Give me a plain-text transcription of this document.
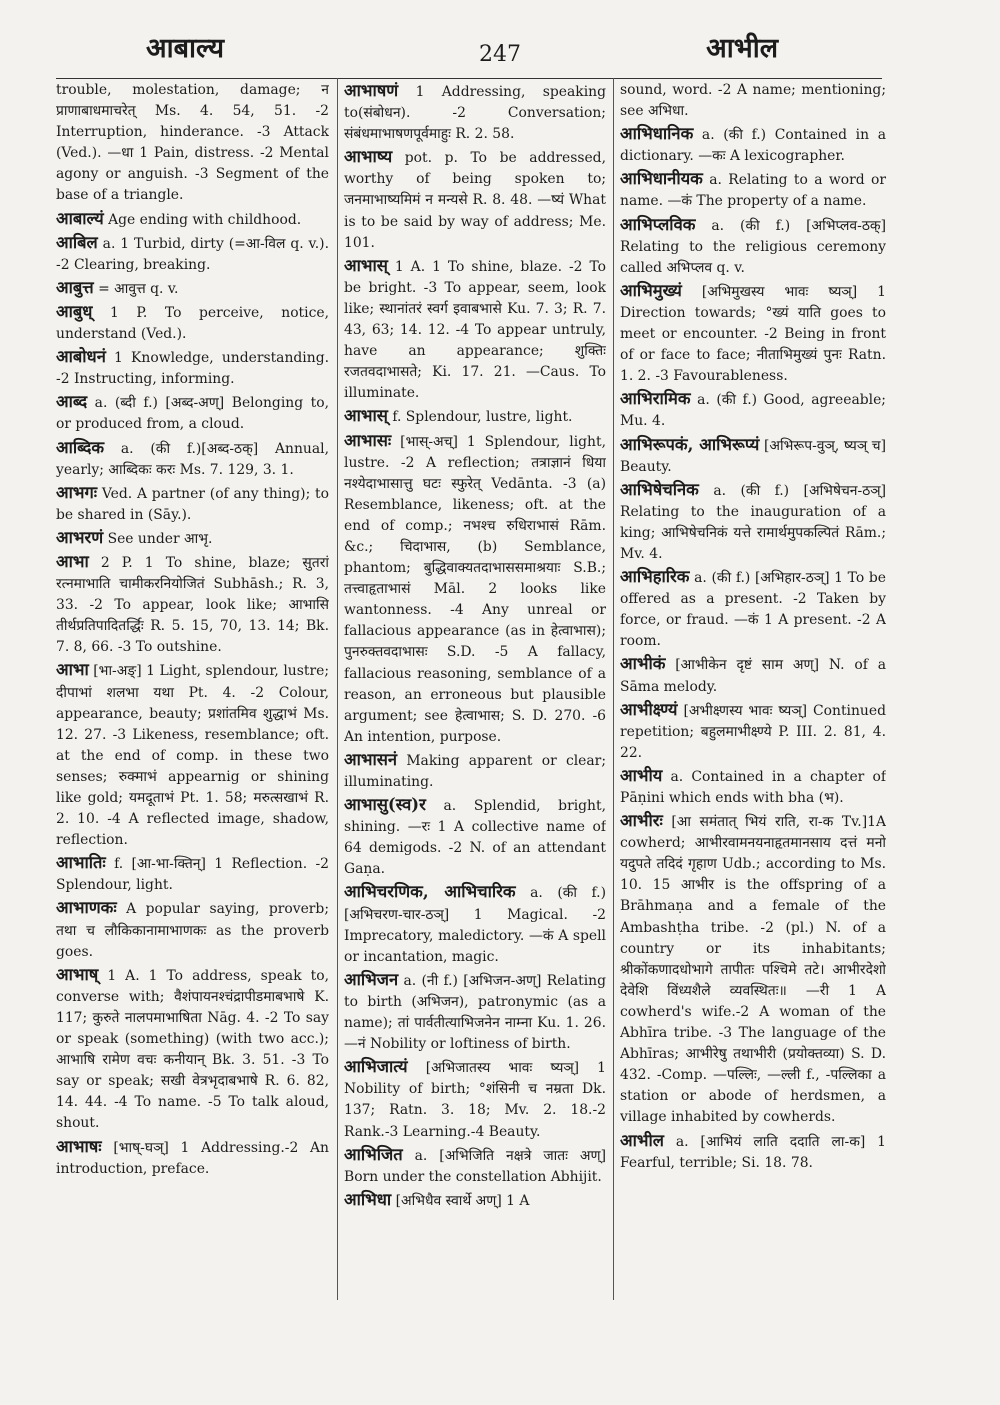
आबाल्य	247	आभील

trouble, molestation, damage; न प्राणाबाधमाचरेत् Ms. 4. 54, 51. -2 Interruption, hinderance. -3 Attack (Ved.). —धा 1 Pain, distress. -2 Mental agony or anguish. -3 Segment of the base of a triangle.

आबाल्यं Age ending with childhood.

आबिल a. 1 Turbid, dirty (=आ-विल q. v.). -2 Clearing, breaking.

आबुत्त = आवुत्त q. v.

आबुध् 1 P. To perceive, notice, understand (Ved.).

आबोधनं 1 Knowledge, understanding. -2 Instructing, informing.

आब्द a. (ब्दी f.) [अब्द-अण्] Belonging to, or produced from, a cloud.

आब्दिक a. (की f.)[अब्द-ठक्] Annual, yearly; आब्दिकः करः Ms. 7. 129, 3. 1.

आभगः Ved. A partner (of any thing); to be shared in (Sāy.).

आभरणं See under आभृ.

आभा 2 P. 1 To shine, blaze; सुतरां रत्नमाभाति चामीकरनियोजितं Subhāsh.; R. 3, 33. -2 To appear, look like; आभासि तीर्थप्रतिपादितर्द्धिः R. 5. 15, 70, 13. 14; Bk. 7. 8, 66. -3 To outshine.

आभा [भा-अङ्] 1 Light, splendour, lustre; दीपाभां शलभा यथा Pt. 4. -2 Colour, appearance, beauty; प्रशांतमिव शुद्धाभं Ms. 12. 27. -3 Likeness, resemblance; oft. at the end of comp. in these two senses; रुक्माभं appearnig or shining like gold; यमदूताभं Pt. 1. 58; मरुत्सखाभं R. 2. 10. -4 A reflected image, shadow, reflection.

आभातिः f. [आ-भा-क्तिन्] 1 Reflection. -2 Splendour, light.

आभाणकः A popular saying, proverb; तथा च लौकिकानामाभाणकः as the proverb goes.

आभाष् 1 A. 1 To address, speak to, converse with; वैशंपायनश्चंद्रापीडमाबभाषे K. 117; कुरुते नालपमाभाषिता Nāg. 4. -2 To say or speak (something) (with two acc.); आभाषि रामेण वचः कनीयान् Bk. 3. 51. -3 To say or speak; सखी वेत्रभृदाबभाषे R. 6. 82, 14. 44. -4 To name. -5 To talk aloud, shout.

आभाषः [भाष्-घञ्] 1 Addressing.-2 An introduction, preface.

आभाषणं 1 Addressing, speaking to(संबोधन). -2 Conversation; संबंधमाभाषणपूर्वमाहुः R. 2. 58.

आभाष्य pot. p. To be addressed, worthy of being spoken to; जनमाभाष्यमिमं न मन्यसे R. 8. 48. —ष्यं What is to be said by way of address; Me. 101.

आभास् 1 A. 1 To shine, blaze. -2 To be bright. -3 To appear, seem, look like; स्थानांतरं स्वर्ग इवाबभासे Ku. 7. 3; R. 7. 43, 63; 14. 12. -4 To appear untruly, have an appearance; शुक्तिः रजतवदाभासते; Ki. 17. 21. —Caus. To illuminate.

आभास् f. Splendour, lustre, light.

आभासः [भास्-अच्] 1 Splendour, light, lustre. -2 A reflection; तत्राज्ञानं धिया नश्येदाभासात्तु घटः स्फुरेत् Vedānta. -3 (a) Resemblance, likeness; oft. at the end of comp.; नभश्च रुधिराभासं Rām. &c.; चिदाभास, (b) Semblance, phantom; बुद्धिवाक्यतदाभाससमाश्रयाः S.B.; तत्त्वाहृताभासं Māl. 2 looks like wantonness. -4 Any unreal or fallacious appearance (as in हेत्वाभास); पुनरुक्तवदाभासः S.D. -5 A fallacy, fallacious reasoning, semblance of a reason, an erroneous but plausible argument; see हेत्वाभास; S. D. 270. -6 An intention, purpose.

आभासनं Making apparent or clear; illuminating.

आभासु(स्व)र a. Splendid, bright, shining. —रः 1 A collective name of 64 demigods. -2 N. of an attendant Gaṇa.

आभिचरणिक, आभिचारिक a. (की f.) [अभिचरण-चार-ठञ्] 1 Magical. -2 Imprecatory, maledictory. —कं A spell or incantation, magic.

आभिजन a. (नी f.) [अभिजन-अण्] Relating to birth (अभिजन), patronymic (as a name); तां पार्वतीत्याभिजनेन नाम्ना Ku. 1. 26. —नं Nobility or loftiness of birth.

आभिजात्यं [अभिजातस्य भावः ष्यञ्] 1 Nobility of birth; °शंसिनी च नम्रता Dk. 137; Ratn. 3. 18; Mv. 2. 18.-2 Rank.-3 Learning.-4 Beauty.

आभिजित a. [अभिजिति नक्षत्रे जातः अण्] Born under the constellation Abhijit.

आभिधा [अभिधैव स्वार्थे अण्] 1 A

sound, word. -2 A name; mentioning; see अभिधा.

आभिधानिक a. (की f.) Contained in a dictionary. —कः A lexicographer.

आभिधानीयक a. Relating to a word or name. —कं The property of a name.

आभिप्लविक a. (की f.) [अभिप्लव-ठक्] Relating to the religious ceremony called अभिप्लव q. v.

आभिमुख्यं [अभिमुखस्य भावः ष्यञ्] 1 Direction towards; °ख्यं याति goes to meet or encounter. -2 Being in front of or face to face; नीताभिमुख्यं पुनः Ratn. 1. 2. -3 Favourableness.

आभिरामिक a. (की f.) Good, agreeable; Mu. 4.

आभिरूपकं, आभिरूप्यं [अभिरूप-वुञ्, ष्यञ् च] Beauty.

आभिषेचनिक a. (की f.) [अभिषेचन-ठञ्] Relating to the inauguration of a king; आभिषेचनिकं यत्ते रामार्थमुपकल्पितं Rām.; Mv. 4.

आभिहारिक a. (की f.) [अभिहार-ठञ्] 1 To be offered as a present. -2 Taken by force, or fraud. —कं 1 A present. -2 A room.

आभीकं [आभीकेन दृष्टं साम अण्] N. of a Sāma melody.

आभीक्ष्ण्यं [अभीक्ष्णस्य भावः ष्यञ्] Continued repetition; बहुलमाभीक्ष्ण्ये P. III. 2. 81, 4. 22.

आभीय a. Contained in a chapter of Pāṇini which ends with bha (भ).

आभीरः [आ समंतात् भियं राति, रा-क Tv.]1A cowherd; आभीरवामनयनाहृतमानसाय दत्तं मनो यदुपते तदिदं गृहाण Udb.; according to Ms. 10. 15 आभीर is the offspring of a Brāhmaṇa and a female of the Ambashṭha tribe. -2 (pl.) N. of a country or its inhabitants; श्रीकोंकणादधोभागे तापीतः पश्चिमे तटे। आभीरदेशो देवेशि विंध्यशैले व्यवस्थितः॥ —री 1 A cowherd's wife.-2 A woman of the Abhīra tribe. -3 The language of the Abhīras; आभीरेषु तथाभीरी (प्रयोक्तव्या) S. D. 432. -Comp. —पल्लिः, —ल्ली f., -पल्लिका a station or abode of herdsmen, a village inhabited by cowherds.

आभील a. [आभियं लाति ददाति ला-क] 1 Fearful, terrible; Si. 18. 78.
